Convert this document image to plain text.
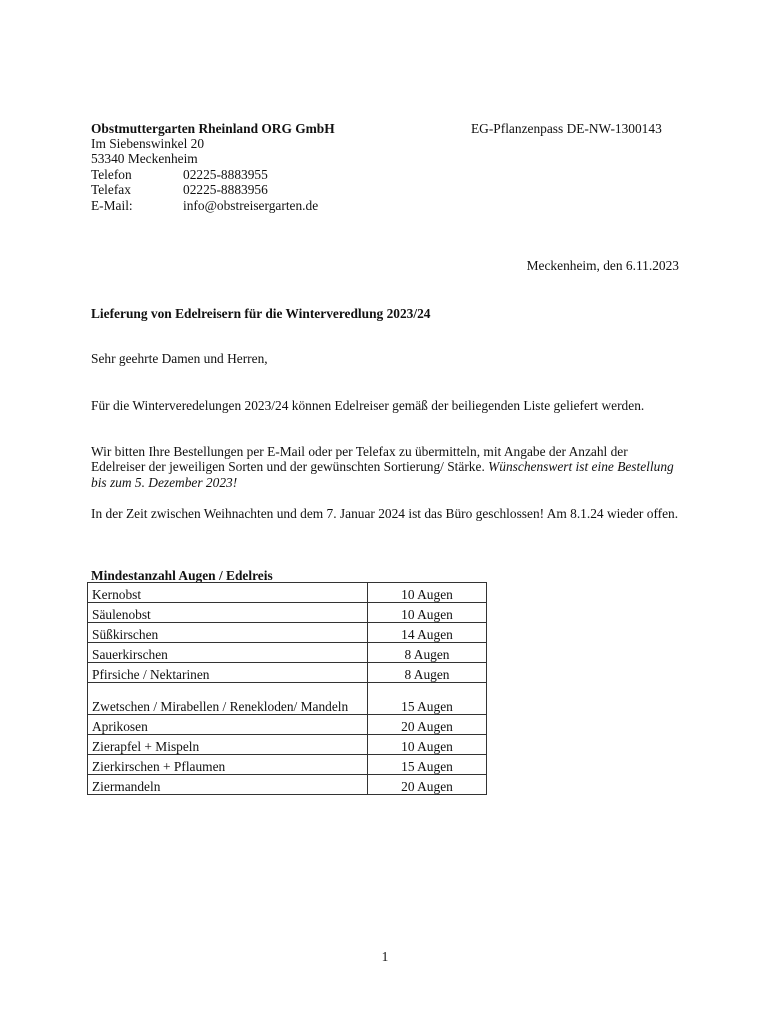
Obstmuttergarten Rheinland ORG GmbH	EG-Pflanzenpass DE-NW-1300143
Im Siebenswinkel 20
53340 Meckenheim
Telefon	02225-8883955
Telefax	02225-8883956
E-Mail:	info@obstreisergarten.de
Meckenheim, den 6.11.2023
Lieferung von Edelreisern für die Winterveredlung 2023/24
Sehr geehrte Damen und Herren,
Für die Winterveredelungen 2023/24 können Edelreiser gemäß der beiliegenden Liste geliefert werden.
Wir bitten Ihre Bestellungen per E-Mail oder per Telefax zu übermitteln, mit Angabe der Anzahl der Edelreiser der jeweiligen Sorten und der gewünschten Sortierung/ Stärke. Wünschenswert ist eine Bestellung bis zum 5. Dezember 2023!
In der Zeit zwischen Weihnachten und dem 7. Januar 2024 ist das Büro geschlossen! Am 8.1.24 wieder offen.
Mindestanzahl Augen / Edelreis
Kernobst	10 Augen
Säulenobst	10 Augen
Süßkirschen	14 Augen
Sauerkirschen	8 Augen
Pfirsiche / Nektarinen	8 Augen
Zwetschen / Mirabellen / Renekloden/ Mandeln	15 Augen
Aprikosen	20 Augen
Zierapfel + Mispeln	10 Augen
Zierkirschen + Pflaumen	15 Augen
Ziermandeln	20 Augen
1
